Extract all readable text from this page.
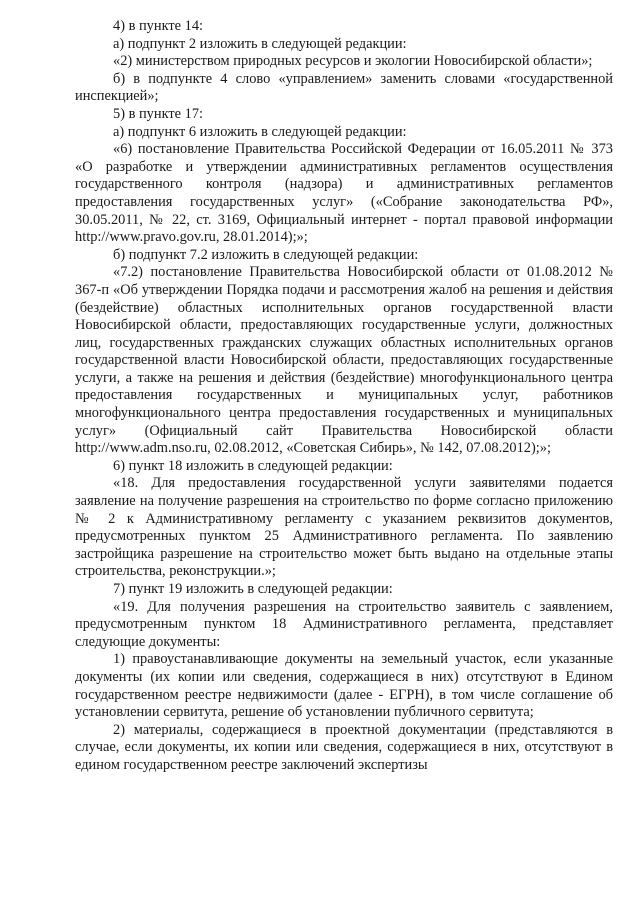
4) в пункте 14:

а) подпункт 2 изложить в следующей редакции:

«2) министерством природных ресурсов и экологии Новосибирской области»;

б) в подпункте 4 слово «управлением» заменить словами «государственной инспекцией»;

5) в пункте 17:

а) подпункт 6 изложить в следующей редакции:

«6) постановление Правительства Российской Федерации от 16.05.2011 № 373 «О разработке и утверждении административных регламентов осуществления государственного контроля (надзора) и административных регламентов предоставления государственных услуг» («Собрание законодательства РФ», 30.05.2011, № 22, ст. 3169, Официальный интернет - портал правовой информации http://www.pravo.gov.ru, 28.01.2014);»;

б) подпункт 7.2 изложить в следующей редакции:

«7.2) постановление Правительства Новосибирской области от 01.08.2012 № 367-п «Об утверждении Порядка подачи и рассмотрения жалоб на решения и действия (бездействие) областных исполнительных органов государственной власти Новосибирской области, предоставляющих государственные услуги, должностных лиц, государственных гражданских служащих областных исполнительных органов государственной власти Новосибирской области, предоставляющих государственные услуги, а также на решения и действия (бездействие) многофункционального центра предоставления государственных и муниципальных услуг, работников многофункционального центра предоставления государственных и муниципальных услуг» (Официальный сайт Правительства Новосибирской области http://www.adm.nso.ru, 02.08.2012, «Советская Сибирь», № 142, 07.08.2012);»;

6) пункт 18 изложить в следующей редакции:

«18. Для предоставления государственной услуги заявителями подается заявление на получение разрешения на строительство по форме согласно приложению № 2 к Административному регламенту с указанием реквизитов документов, предусмотренных пунктом 25 Административного регламента. По заявлению застройщика разрешение на строительство может быть выдано на отдельные этапы строительства, реконструкции.»;

7) пункт 19 изложить в следующей редакции:

«19. Для получения разрешения на строительство заявитель с заявлением, предусмотренным пунктом 18 Административного регламента, представляет следующие документы:

1) правоустанавливающие документы на земельный участок, если указанные документы (их копии или сведения, содержащиеся в них) отсутствуют в Едином государственном реестре недвижимости (далее - ЕГРН), в том числе соглашение об установлении сервитута, решение об установлении публичного сервитута;

2) материалы, содержащиеся в проектной документации (представляются в случае, если документы, их копии или сведения, содержащиеся в них, отсутствуют в едином государственном реестре заключений экспертизы
